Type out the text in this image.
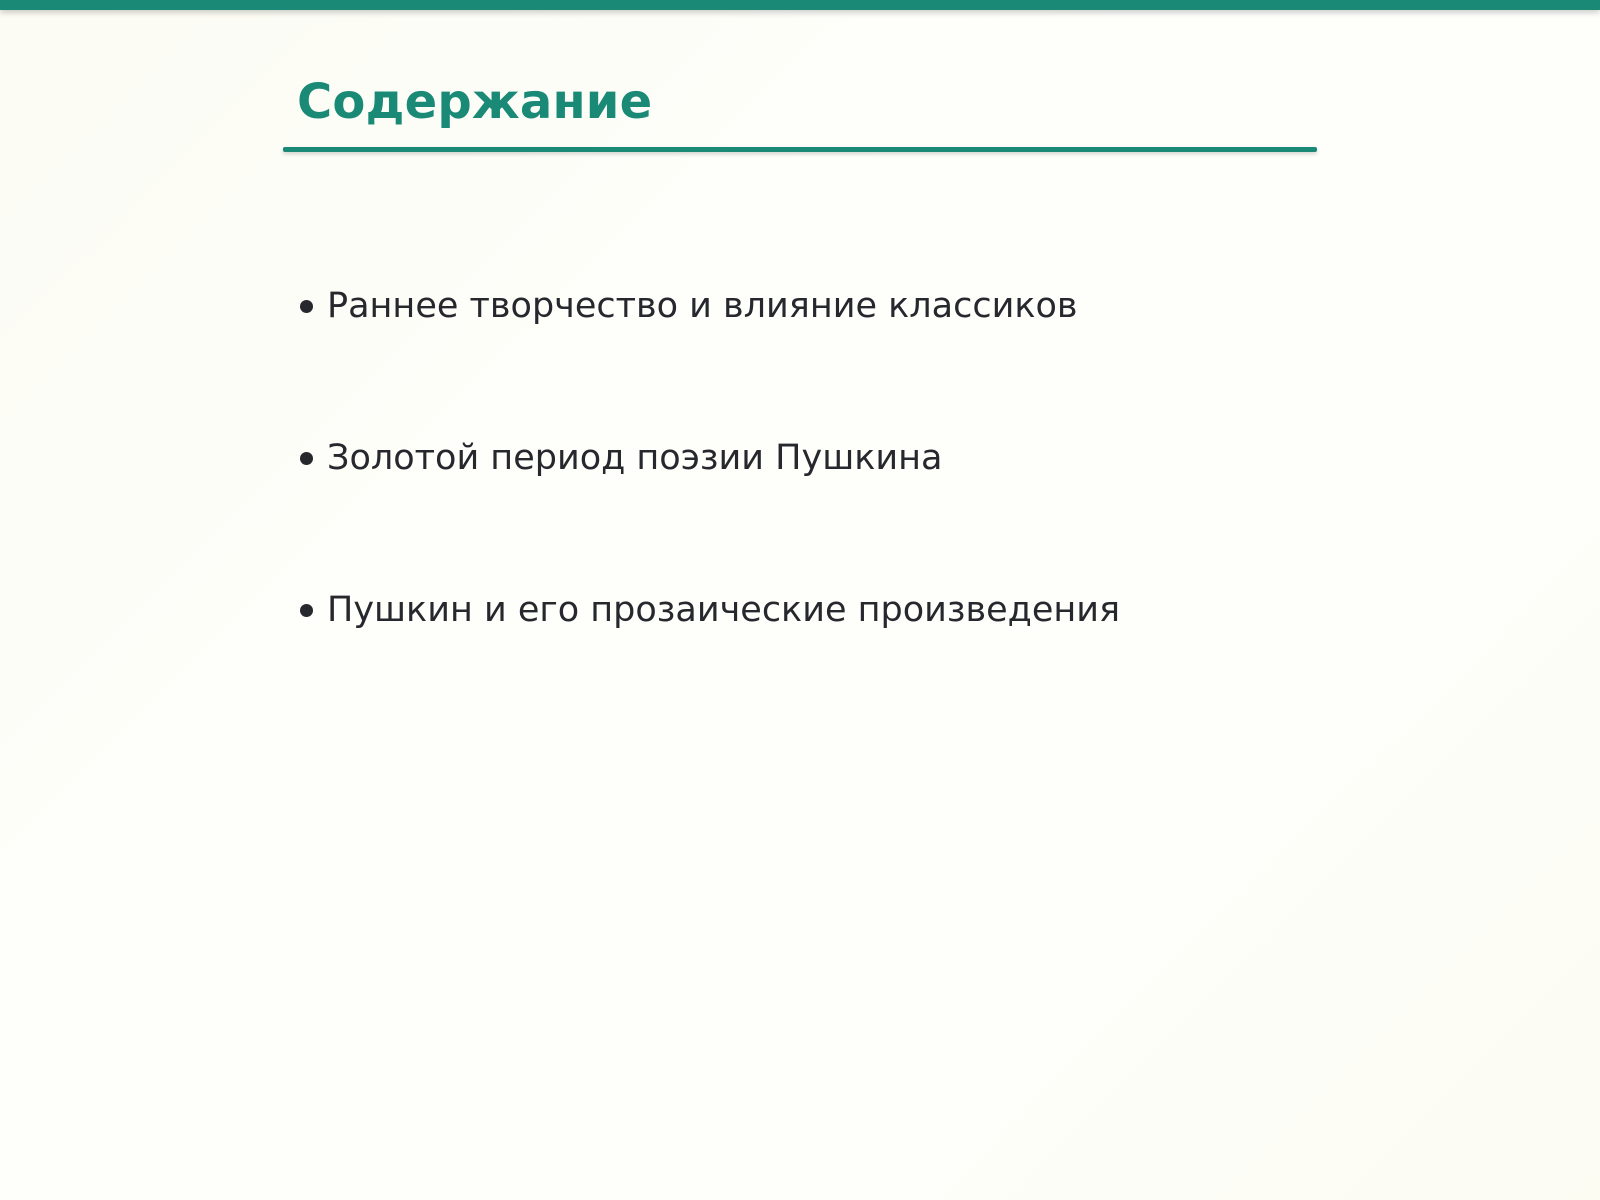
Содержание
Раннее творчество и влияние классиков
Золотой период поэзии Пушкина
Пушкин и его прозаические произведения
